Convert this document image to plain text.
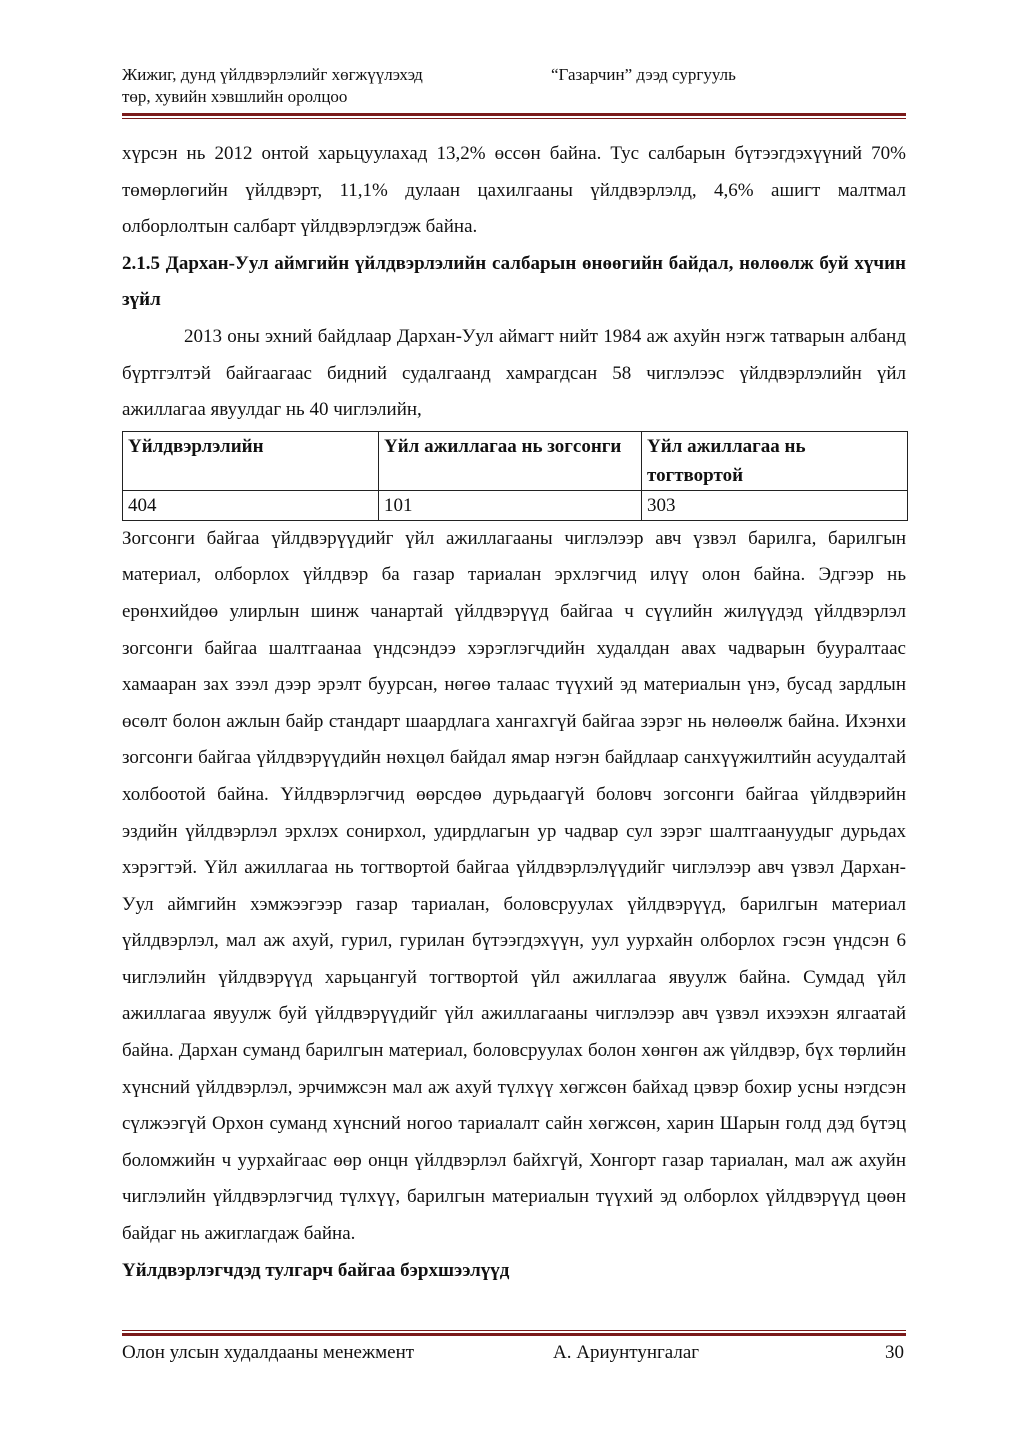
Жижиг, дунд үйлдвэрлэлийг хөгжүүлэхэд
төр, хувийн хэвшлийн оролцоо
“Газарчин” дээд сургууль

хүрсэн нь 2012 онтой харьцуулахад 13,2% өссөн байна. Тус салбарын бүтээгдэхүүний 70% төмөрлөгийн үйлдвэрт, 11,1% дулаан цахилгааны үйлдвэрлэлд, 4,6% ашигт малтмал олборлолтын салбарт үйлдвэрлэгдэж байна.

2.1.5 Дархан-Уул аймгийн үйлдвэрлэлийн салбарын өнөөгийн байдал, нөлөөлж буй хүчин зүйл

2013 оны эхний байдлаар Дархан-Уул аймагт нийт 1984 аж ахуйн нэгж татварын албанд бүртгэлтэй байгаагаас бидний судалгаанд хамрагдсан 58 чиглэлээс үйлдвэрлэлийн үйл ажиллагаа явуулдаг нь 40 чиглэлийн,

Үйлдвэрлэлийн	Үйл ажиллагаа нь зогсонги	Үйл ажиллагаа нь тогтвортой
404	101	303

Зогсонги байгаа үйлдвэрүүдийг үйл ажиллагааны чиглэлээр авч үзвэл барилга, барилгын материал, олборлох үйлдвэр ба газар тариалан эрхлэгчид илүү олон байна. Эдгээр нь ерөнхийдөө улирлын шинж чанартай үйлдвэрүүд байгаа ч сүүлийн жилүүдэд үйлдвэрлэл зогсонги байгаа шалтгаанаа үндсэндээ хэрэглэгчдийн худалдан авах чадварын бууралтаас хамааран зах зээл дээр эрэлт буурсан, нөгөө талаас түүхий эд материалын үнэ, бусад зардлын өсөлт болон ажлын байр стандарт шаардлага хангахгүй байгаа зэрэг нь нөлөөлж байна. Ихэнхи зогсонги байгаа үйлдвэрүүдийн нөхцөл байдал ямар нэгэн байдлаар санхүүжилтийн асуудалтай холбоотой байна. Үйлдвэрлэгчид өөрсдөө дурьдаагүй боловч зогсонги байгаа үйлдвэрийн эздийн үйлдвэрлэл эрхлэх сонирхол, удирдлагын ур чадвар сул зэрэг шалтгаануудыг дурьдах хэрэгтэй. Үйл ажиллагаа нь тогтвортой байгаа үйлдвэрлэлүүдийг чиглэлээр авч үзвэл Дархан-Уул аймгийн хэмжээгээр газар тариалан, боловсруулах үйлдвэрүүд, барилгын материал үйлдвэрлэл, мал аж ахуй, гурил, гурилан бүтээгдэхүүн, уул уурхайн олборлох гэсэн үндсэн 6 чиглэлийн үйлдвэрүүд харьцангуй тогтвортой үйл ажиллагаа явуулж байна. Сумдад үйл ажиллагаа явуулж буй үйлдвэрүүдийг үйл ажиллагааны чиглэлээр авч үзвэл ихээхэн ялгаатай байна. Дархан суманд барилгын материал, боловсруулах болон хөнгөн аж үйлдвэр, бүх төрлийн хүнсний үйлдвэрлэл, эрчимжсэн мал аж ахуй түлхүү хөгжсөн байхад цэвэр бохир усны нэгдсэн сүлжээгүй Орхон суманд хүнсний ногоо тариалалт сайн хөгжсөн, харин Шарын голд дэд бүтэц боломжийн ч уурхайгаас өөр онцн үйлдвэрлэл байхгүй, Хонгорт газар тариалан, мал аж ахуйн чиглэлийн үйлдвэрлэгчид түлхүү, барилгын материалын түүхий эд олборлох үйлдвэрүүд цөөн байдаг нь ажиглагдаж байна.

Үйлдвэрлэгчдэд тулгарч байгаа бэрхшээлүүд

Олон улсын худалдааны менежмент	А. Ариунтунгалаг	30
